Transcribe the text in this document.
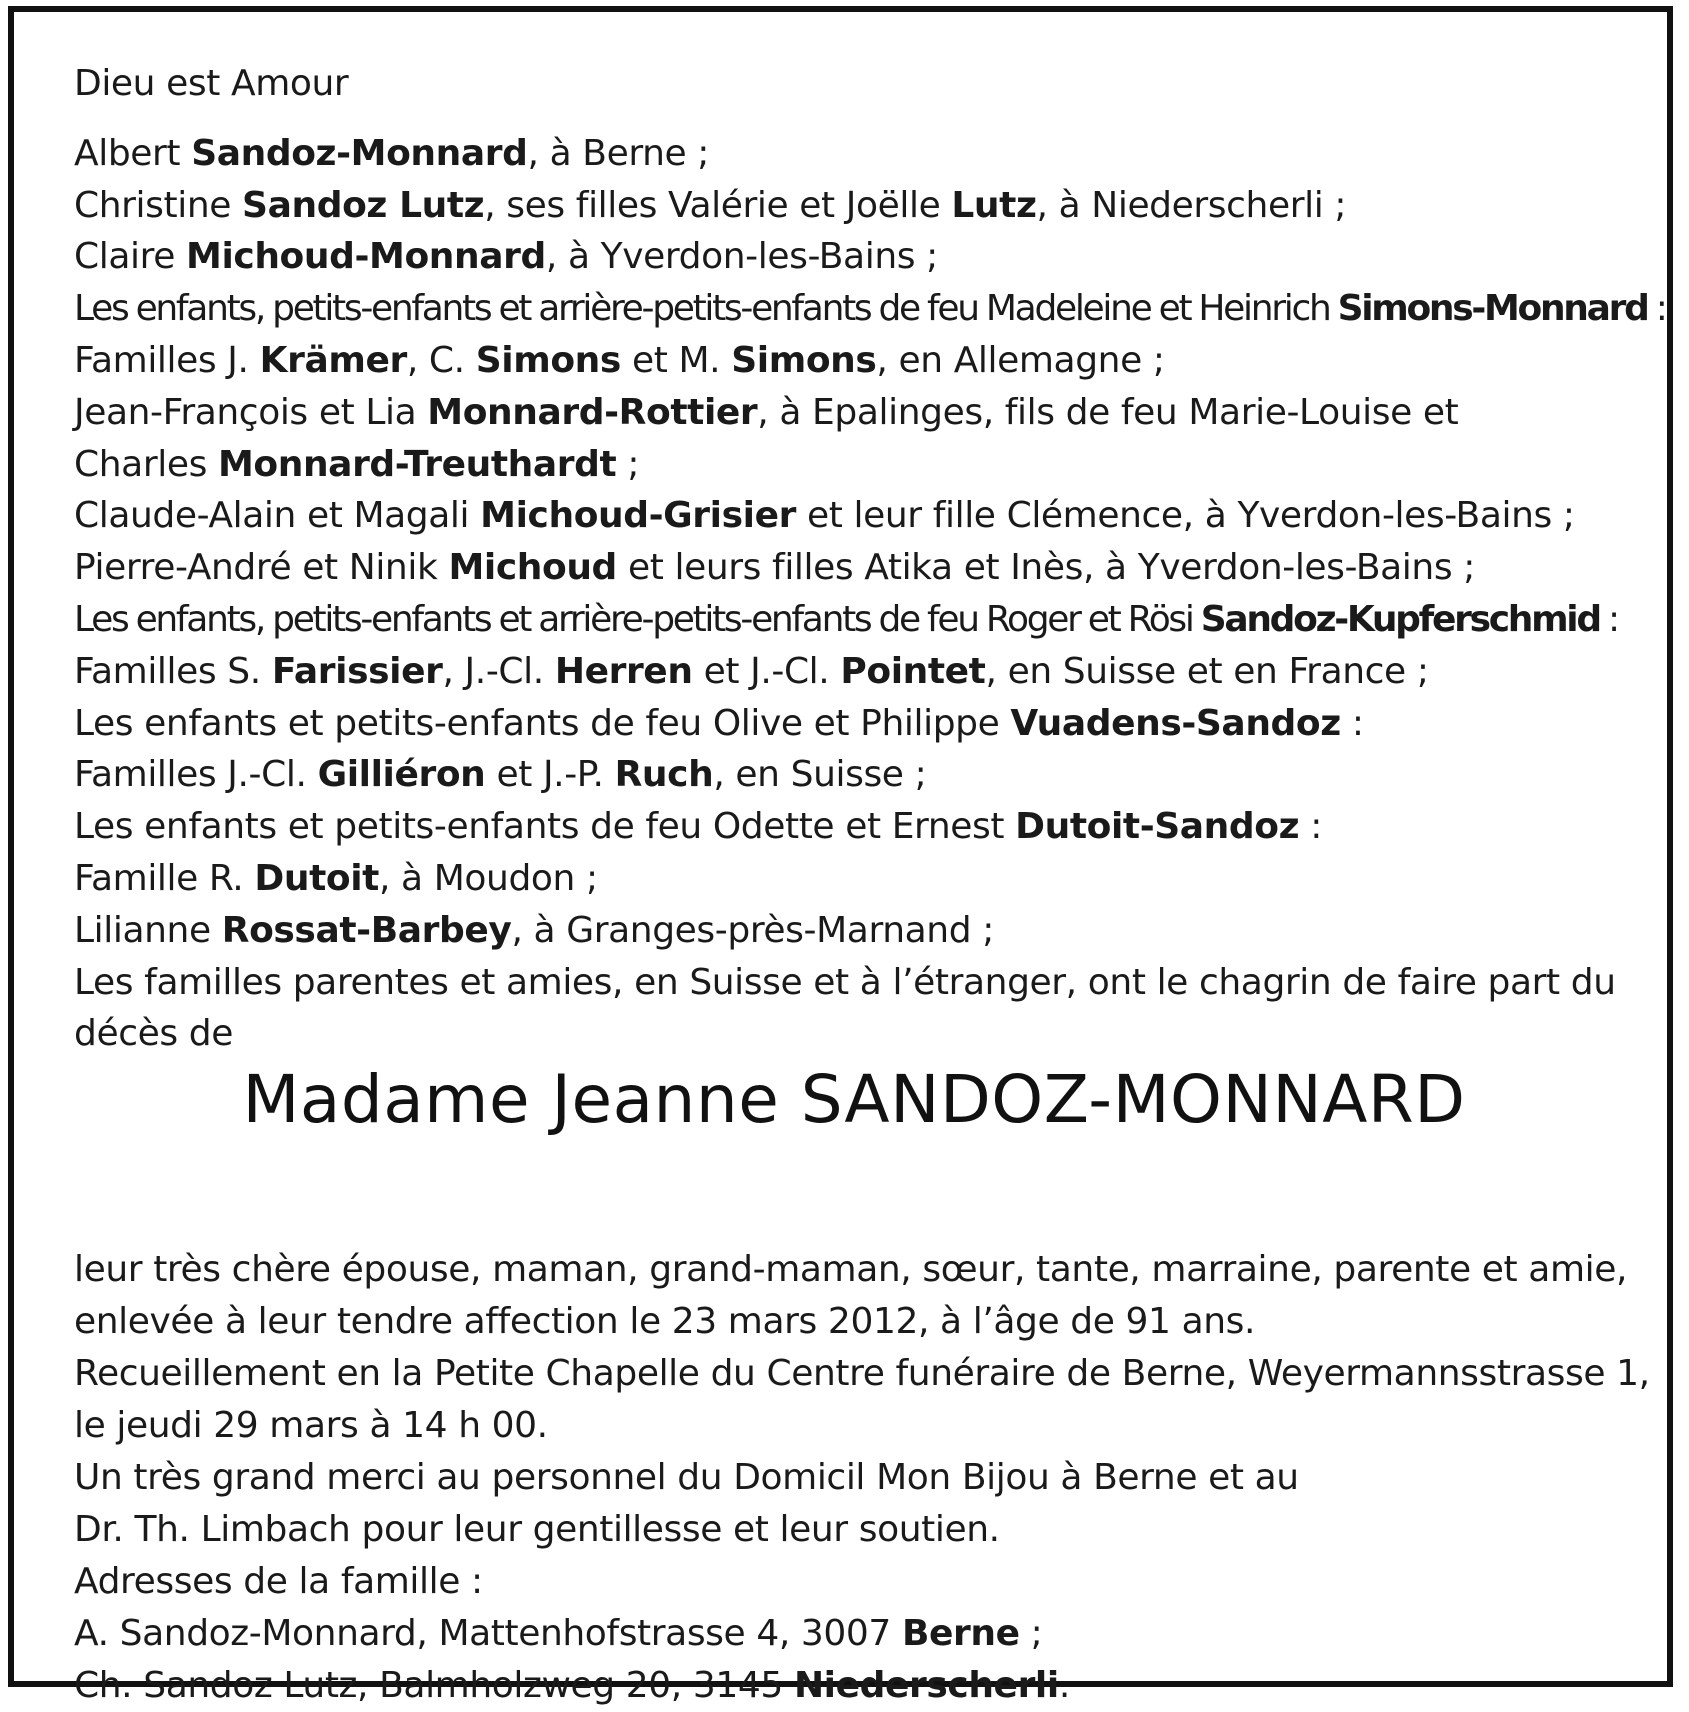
Dieu est Amour
Albert Sandoz-Monnard, à Berne ;
Christine Sandoz Lutz, ses filles Valérie et Joëlle Lutz, à Niederscherli ;
Claire Michoud-Monnard, à Yverdon-les-Bains ;
Les enfants, petits-enfants et arrière-petits-enfants de feu Madeleine et Heinrich Simons-Monnard :
Familles J. Krämer, C. Simons et M. Simons, en Allemagne ;
Jean-François et Lia Monnard-Rottier, à Epalinges, fils de feu Marie-Louise et
Charles Monnard-Treuthardt ;
Claude-Alain et Magali Michoud-Grisier et leur fille Clémence, à Yverdon-les-Bains ;
Pierre-André et Ninik Michoud et leurs filles Atika et Inès, à Yverdon-les-Bains ;
Les enfants, petits-enfants et arrière-petits-enfants de feu Roger et Rösi Sandoz-Kupferschmid :
Familles S. Farissier, J.-Cl. Herren et J.-Cl. Pointet, en Suisse et en France ;
Les enfants et petits-enfants de feu Olive et Philippe Vuadens-Sandoz :
Familles J.-Cl. Gilliéron et J.-P. Ruch, en Suisse ;
Les enfants et petits-enfants de feu Odette et Ernest Dutoit-Sandoz :
Famille R. Dutoit, à Moudon ;
Lilianne Rossat-Barbey, à Granges-près-Marnand ;
Les familles parentes et amies, en Suisse et à l’étranger, ont le chagrin de faire part du
décès de
Madame Jeanne SANDOZ-MONNARD
leur très chère épouse, maman, grand-maman, sœur, tante, marraine, parente et amie,
enlevée à leur tendre affection le 23 mars 2012, à l’âge de 91 ans.
Recueillement en la Petite Chapelle du Centre funéraire de Berne, Weyermannsstrasse 1,
le jeudi 29 mars à 14 h 00.
Un très grand merci au personnel du Domicil Mon Bijou à Berne et au
Dr. Th. Limbach pour leur gentillesse et leur soutien.
Adresses de la famille :
A. Sandoz-Monnard, Mattenhofstrasse 4, 3007 Berne ;
Ch. Sandoz Lutz, Balmholzweg 20, 3145 Niederscherli.
